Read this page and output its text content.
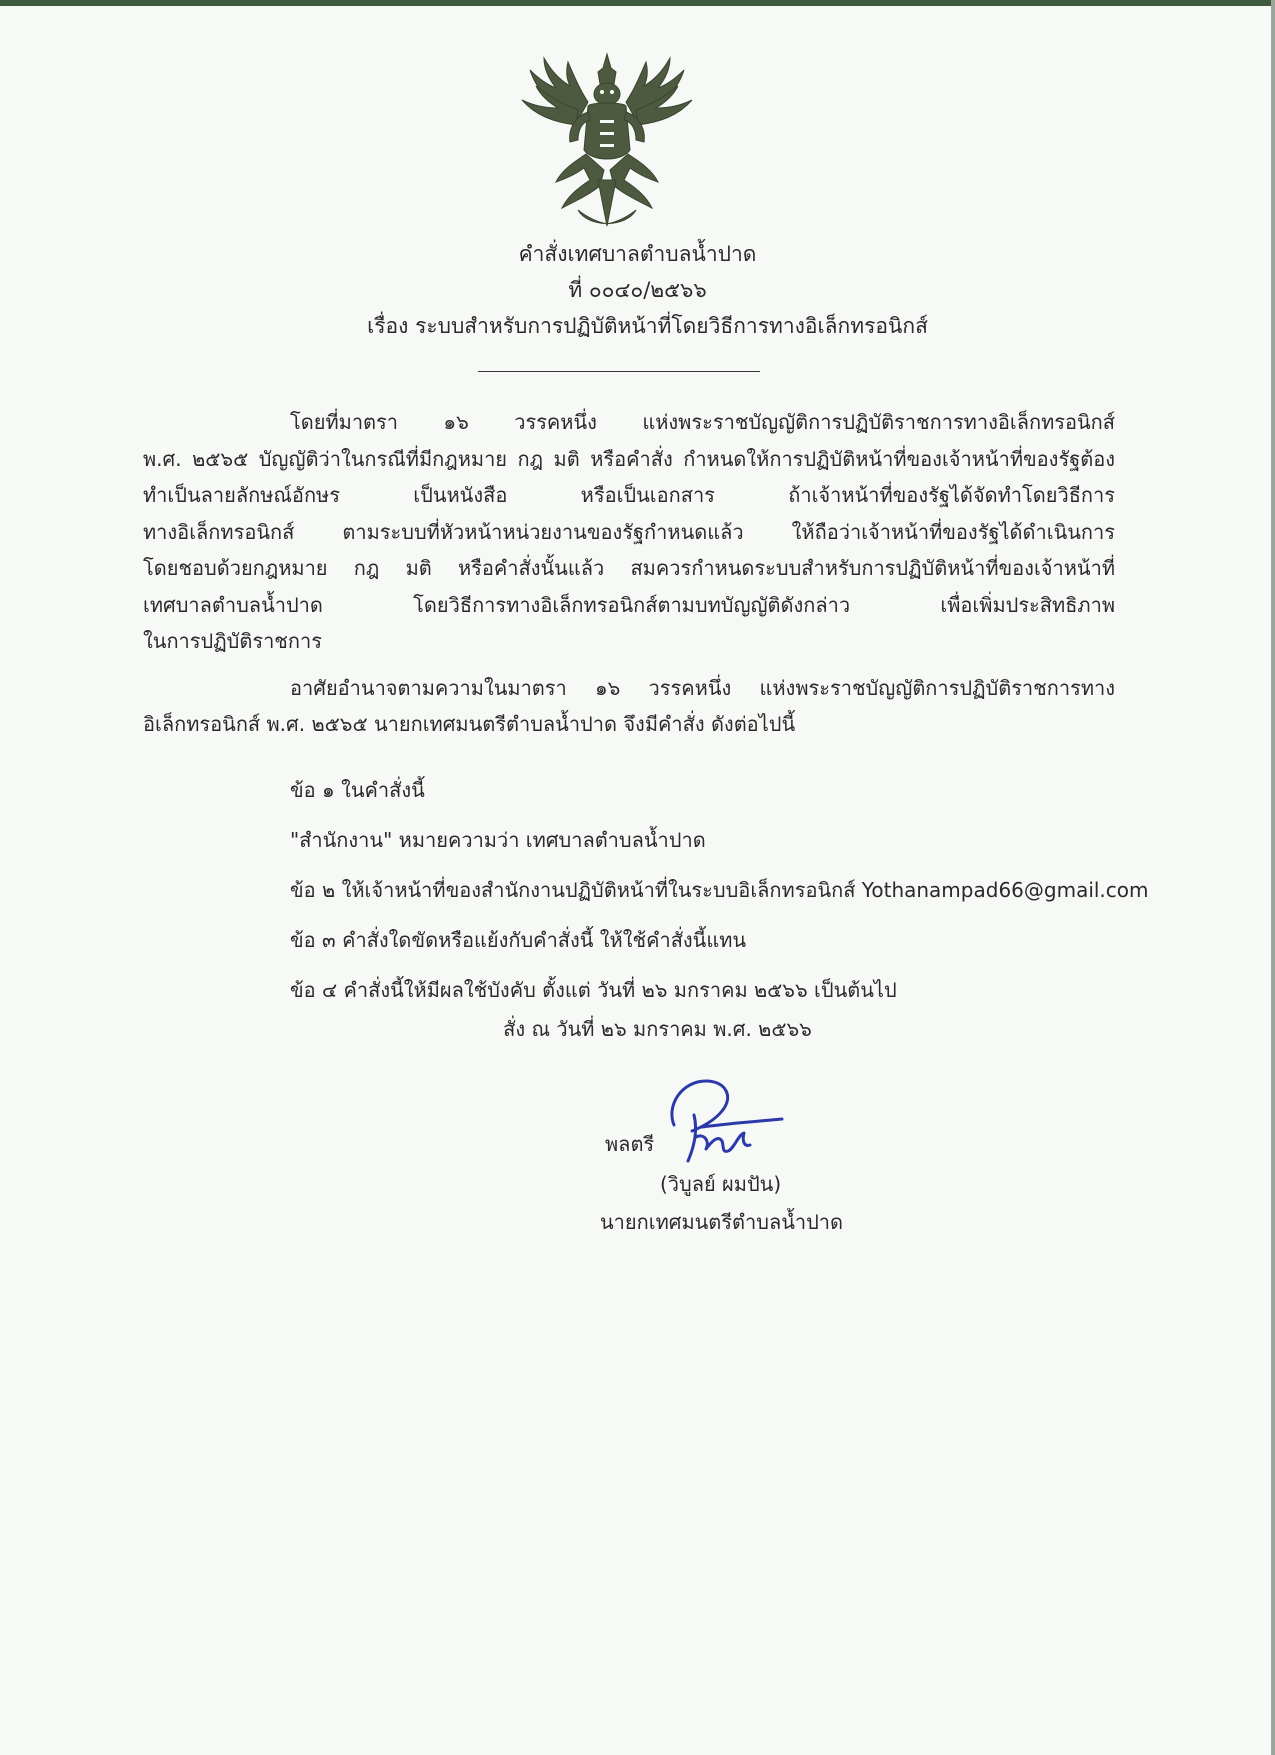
คำสั่งเทศบาลตำบลน้ำปาด
ที่ ๐๐๔๐/๒๕๖๖
เรื่อง ระบบสำหรับการปฏิบัติหน้าที่โดยวิธีการทางอิเล็กทรอนิกส์
โดยที่มาตรา ๑๖ วรรคหนึ่ง แห่งพระราชบัญญัติการปฏิบัติราชการทางอิเล็กทรอนิกส์
พ.ศ. ๒๕๖๕ บัญญัติว่าในกรณีที่มีกฎหมาย กฎ มติ หรือคำสั่ง กำหนดให้การปฏิบัติหน้าที่ของเจ้าหน้าที่ของรัฐต้อง
ทำเป็นลายลักษณ์อักษร เป็นหนังสือ หรือเป็นเอกสาร ถ้าเจ้าหน้าที่ของรัฐได้จัดทำโดยวิธีการ
ทางอิเล็กทรอนิกส์ ตามระบบที่หัวหน้าหน่วยงานของรัฐกำหนดแล้ว ให้ถือว่าเจ้าหน้าที่ของรัฐได้ดำเนินการ
โดยชอบด้วยกฎหมาย กฎ มติ หรือคำสั่งนั้นแล้ว สมควรกำหนดระบบสำหรับการปฏิบัติหน้าที่ของเจ้าหน้าที่
เทศบาลตำบลน้ำปาด โดยวิธีการทางอิเล็กทรอนิกส์ตามบทบัญญัติดังกล่าว เพื่อเพิ่มประสิทธิภาพ
ในการปฏิบัติราชการ
อาศัยอำนาจตามความในมาตรา ๑๖ วรรคหนึ่ง แห่งพระราชบัญญัติการปฏิบัติราชการทาง
อิเล็กทรอนิกส์ พ.ศ. ๒๕๖๕ นายกเทศมนตรีตำบลน้ำปาด จึงมีคำสั่ง ดังต่อไปนี้
ข้อ ๑ ในคำสั่งนี้
"สำนักงาน" หมายความว่า เทศบาลตำบลน้ำปาด
ข้อ ๒ ให้เจ้าหน้าที่ของสำนักงานปฏิบัติหน้าที่ในระบบอิเล็กทรอนิกส์ Yothanampad66@gmail.com
ข้อ ๓ คำสั่งใดขัดหรือแย้งกับคำสั่งนี้ ให้ใช้คำสั่งนี้แทน
ข้อ ๔ คำสั่งนี้ให้มีผลใช้บังคับ ตั้งแต่ วันที่ ๒๖ มกราคม ๒๕๖๖ เป็นต้นไป
สั่ง ณ วันที่ ๒๖ มกราคม พ.ศ. ๒๕๖๖
พลตรี
(วิบูลย์ ผมปัน)
นายกเทศมนตรีตำบลน้ำปาด
